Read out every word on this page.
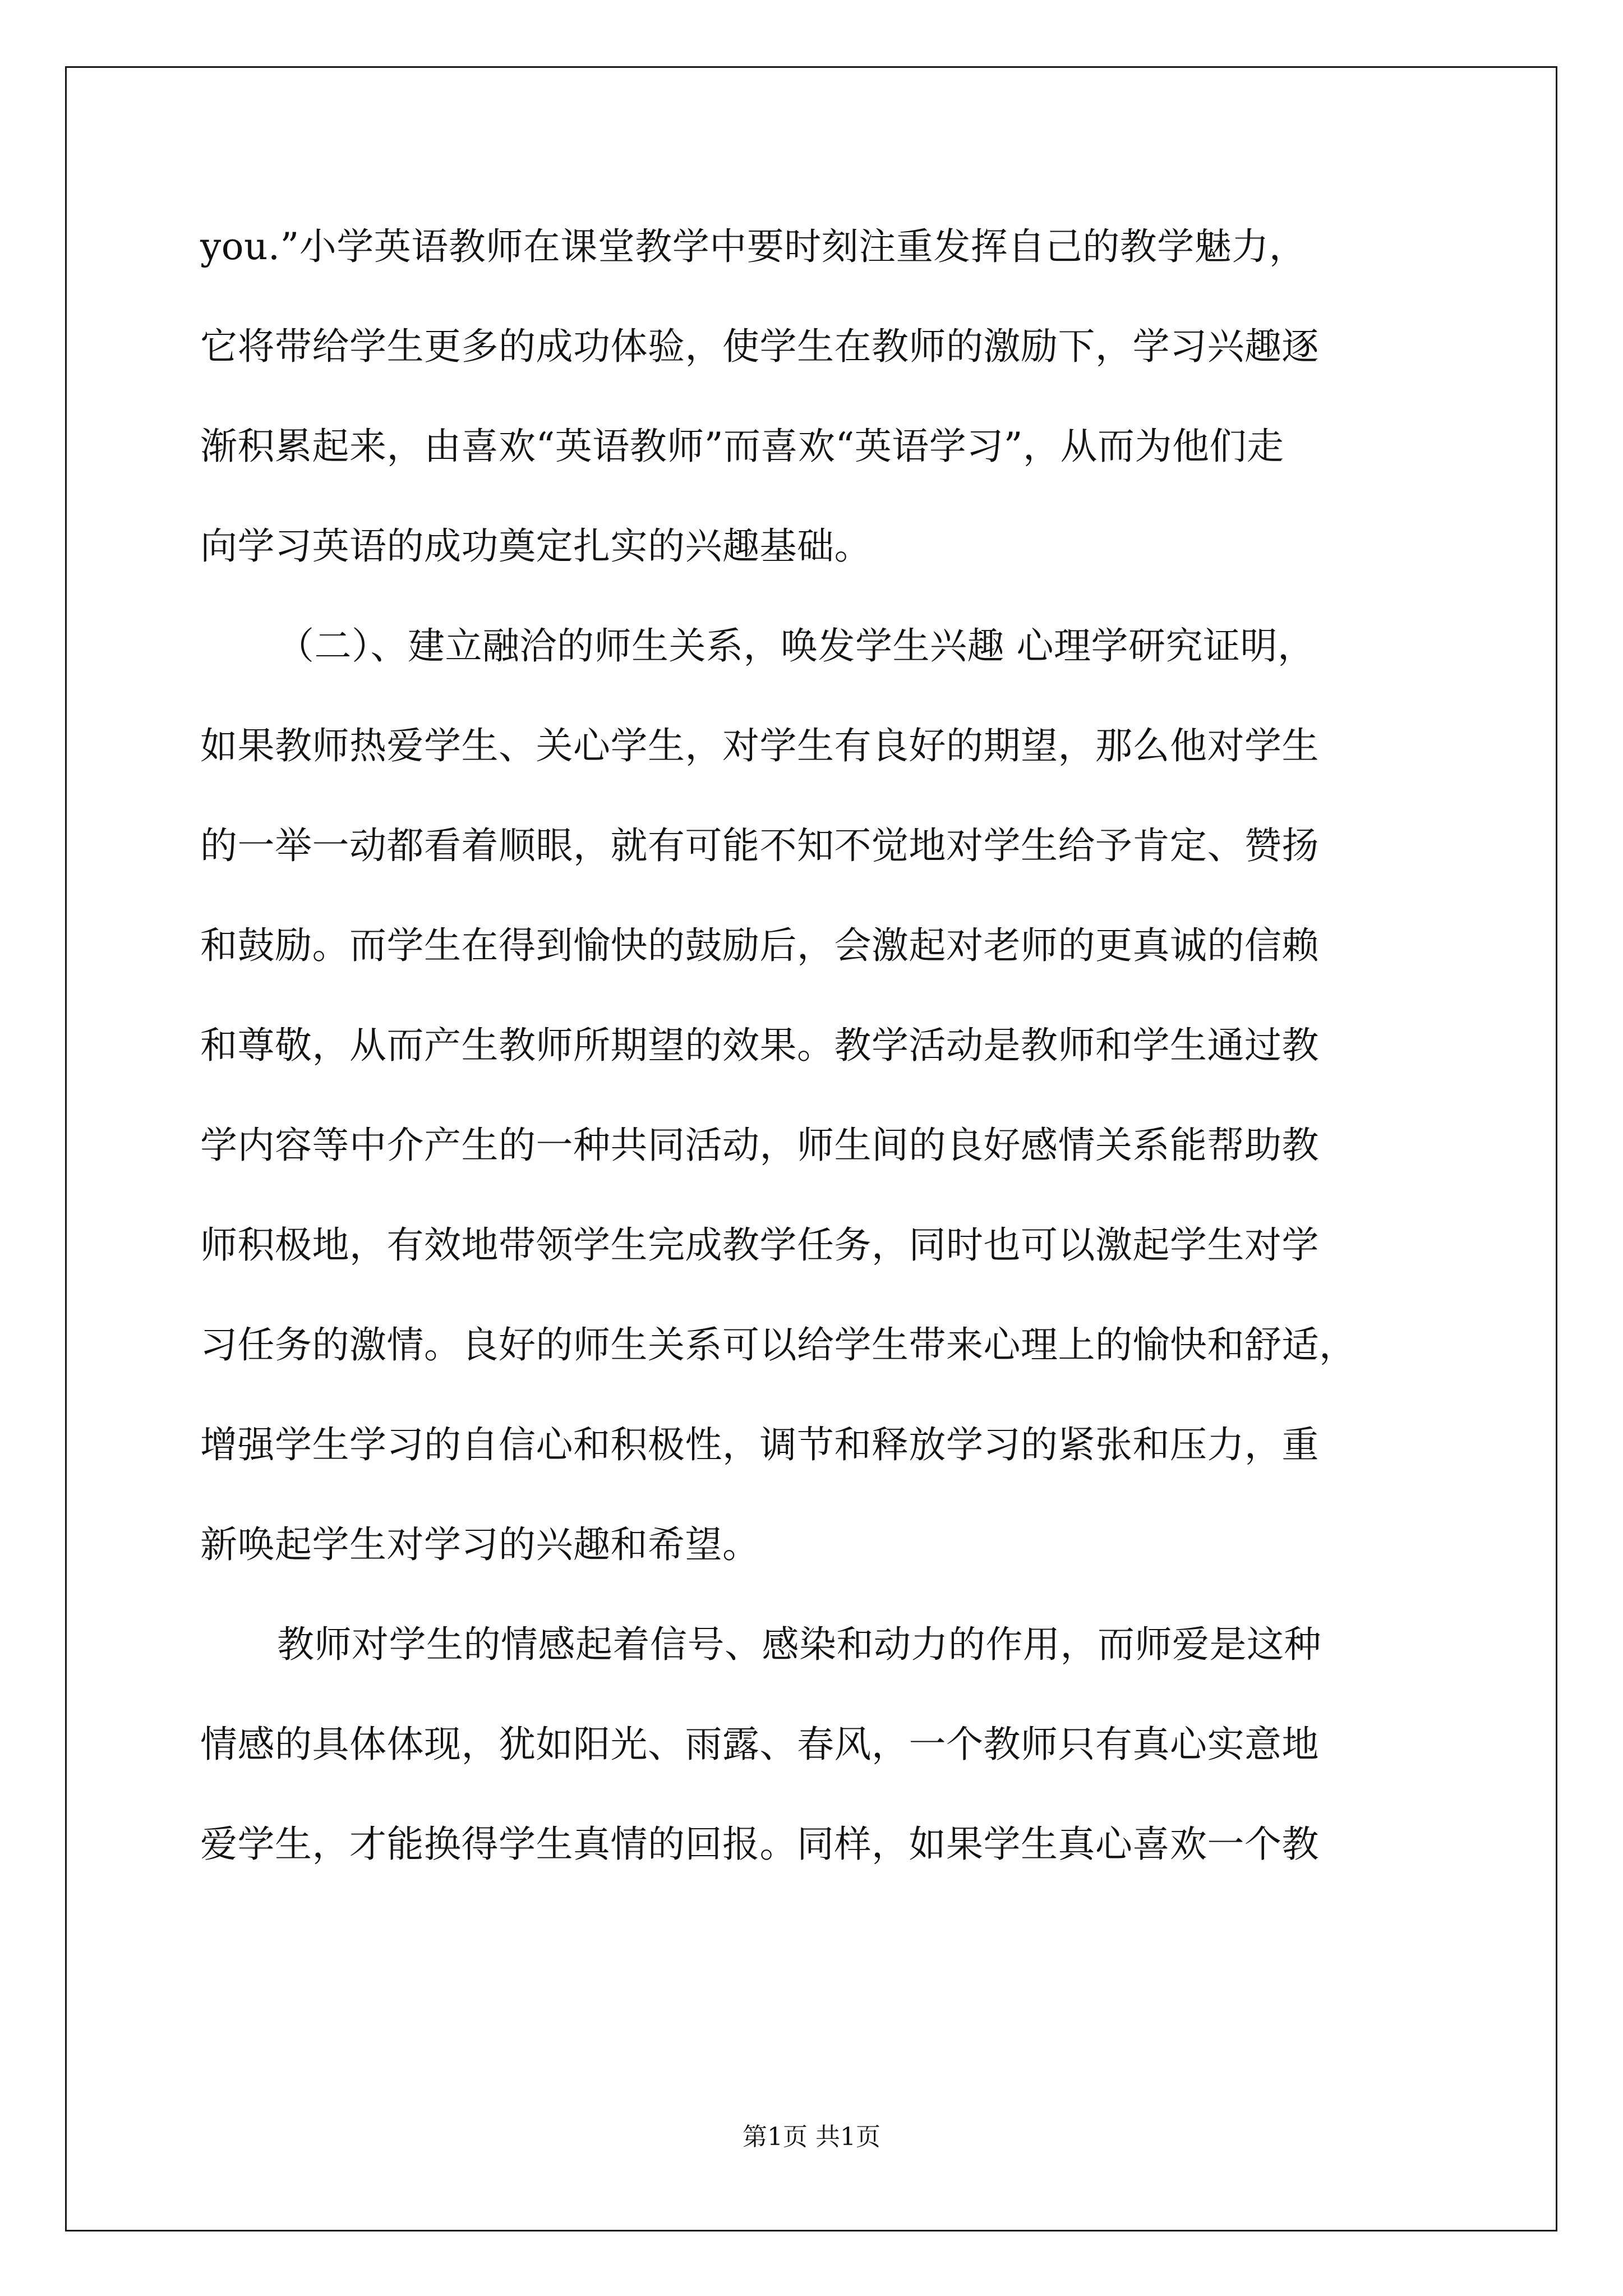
you.”小学英语教师在课堂教学中要时刻注重发挥自己的教学魅力，
它将带给学生更多的成功体验，使学生在教师的激励下，学习兴趣逐
渐积累起来，由喜欢“英语教师”而喜欢“英语学习”，从而为他们走
向学习英语的成功奠定扎实的兴趣基础。
（二）、建立融洽的师生关系，唤发学生兴趣 心理学研究证明，
如果教师热爱学生、关心学生，对学生有良好的期望，那么他对学生
的一举一动都看着顺眼，就有可能不知不觉地对学生给予肯定、赞扬
和鼓励。而学生在得到愉快的鼓励后，会激起对老师的更真诚的信赖
和尊敬，从而产生教师所期望的效果。教学活动是教师和学生通过教
学内容等中介产生的一种共同活动，师生间的良好感情关系能帮助教
师积极地，有效地带领学生完成教学任务，同时也可以激起学生对学
习任务的激情。良好的师生关系可以给学生带来心理上的愉快和舒适，
增强学生学习的自信心和积极性，调节和释放学习的紧张和压力，重
新唤起学生对学习的兴趣和希望。
教师对学生的情感起着信号、感染和动力的作用，而师爱是这种
情感的具体体现，犹如阳光、雨露、春风，一个教师只有真心实意地
爱学生，才能换得学生真情的回报。同样，如果学生真心喜欢一个教
第1页 共1页
